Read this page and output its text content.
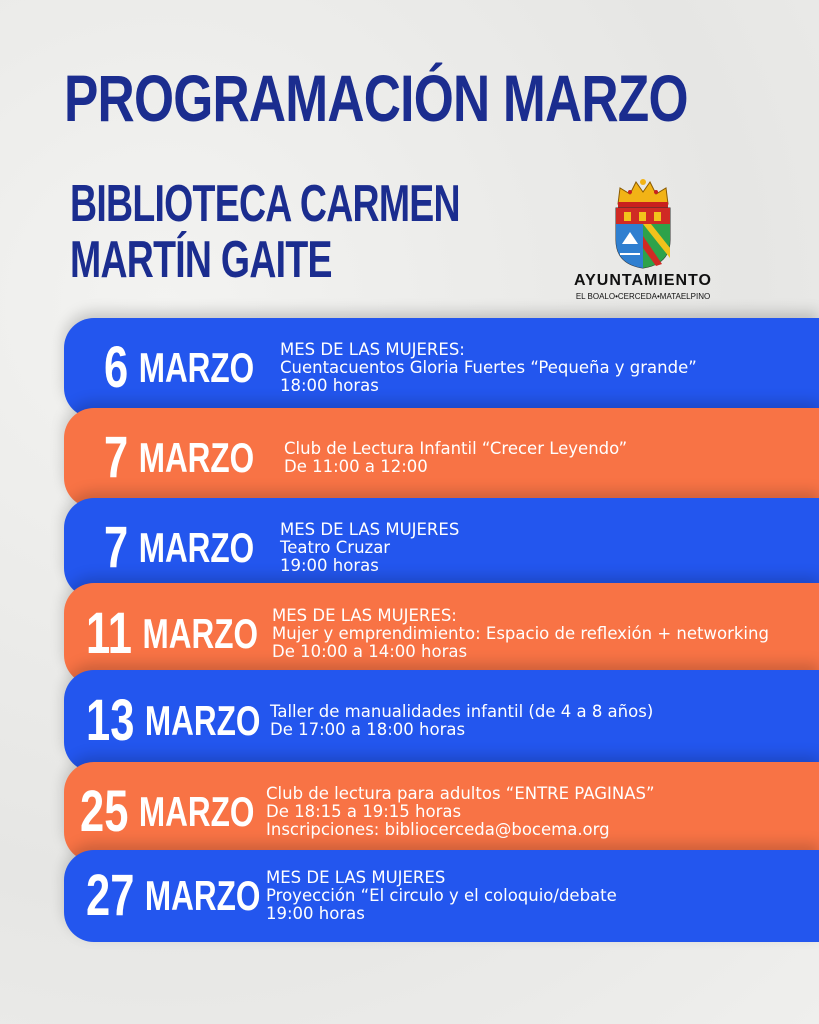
PROGRAMACIÓN MARZO
BIBLIOTECA CARMEN
MARTÍN GAITE	AYUNTAMIENTO
EL BOALO•CERCEDA•MATAELPINO
6 MARZO MES DE LAS MUJERES:
Cuentacuentos Gloria Fuertes “Pequeña y grande”
18:00 horas
7 MARZO Club de Lectura Infantil “Crecer Leyendo”
De 11:00 a 12:00
7 MARZO MES DE LAS MUJERES
Teatro Cruzar
19:00 horas
11 MARZO MES DE LAS MUJERES:
Mujer y emprendimiento: Espacio de reflexión + networking
De 10:00 a 14:00 horas
13 MARZO Taller de manualidades infantil (de 4 a 8 años)
De 17:00 a 18:00 horas
25 MARZO Club de lectura para adultos “ENTRE PAGINAS”
De 18:15 a 19:15 horas
Inscripciones: bibliocerceda@bocema.org
27 MARZO MES DE LAS MUJERES
Proyección “El circulo y el coloquio/debate
19:00 horas
